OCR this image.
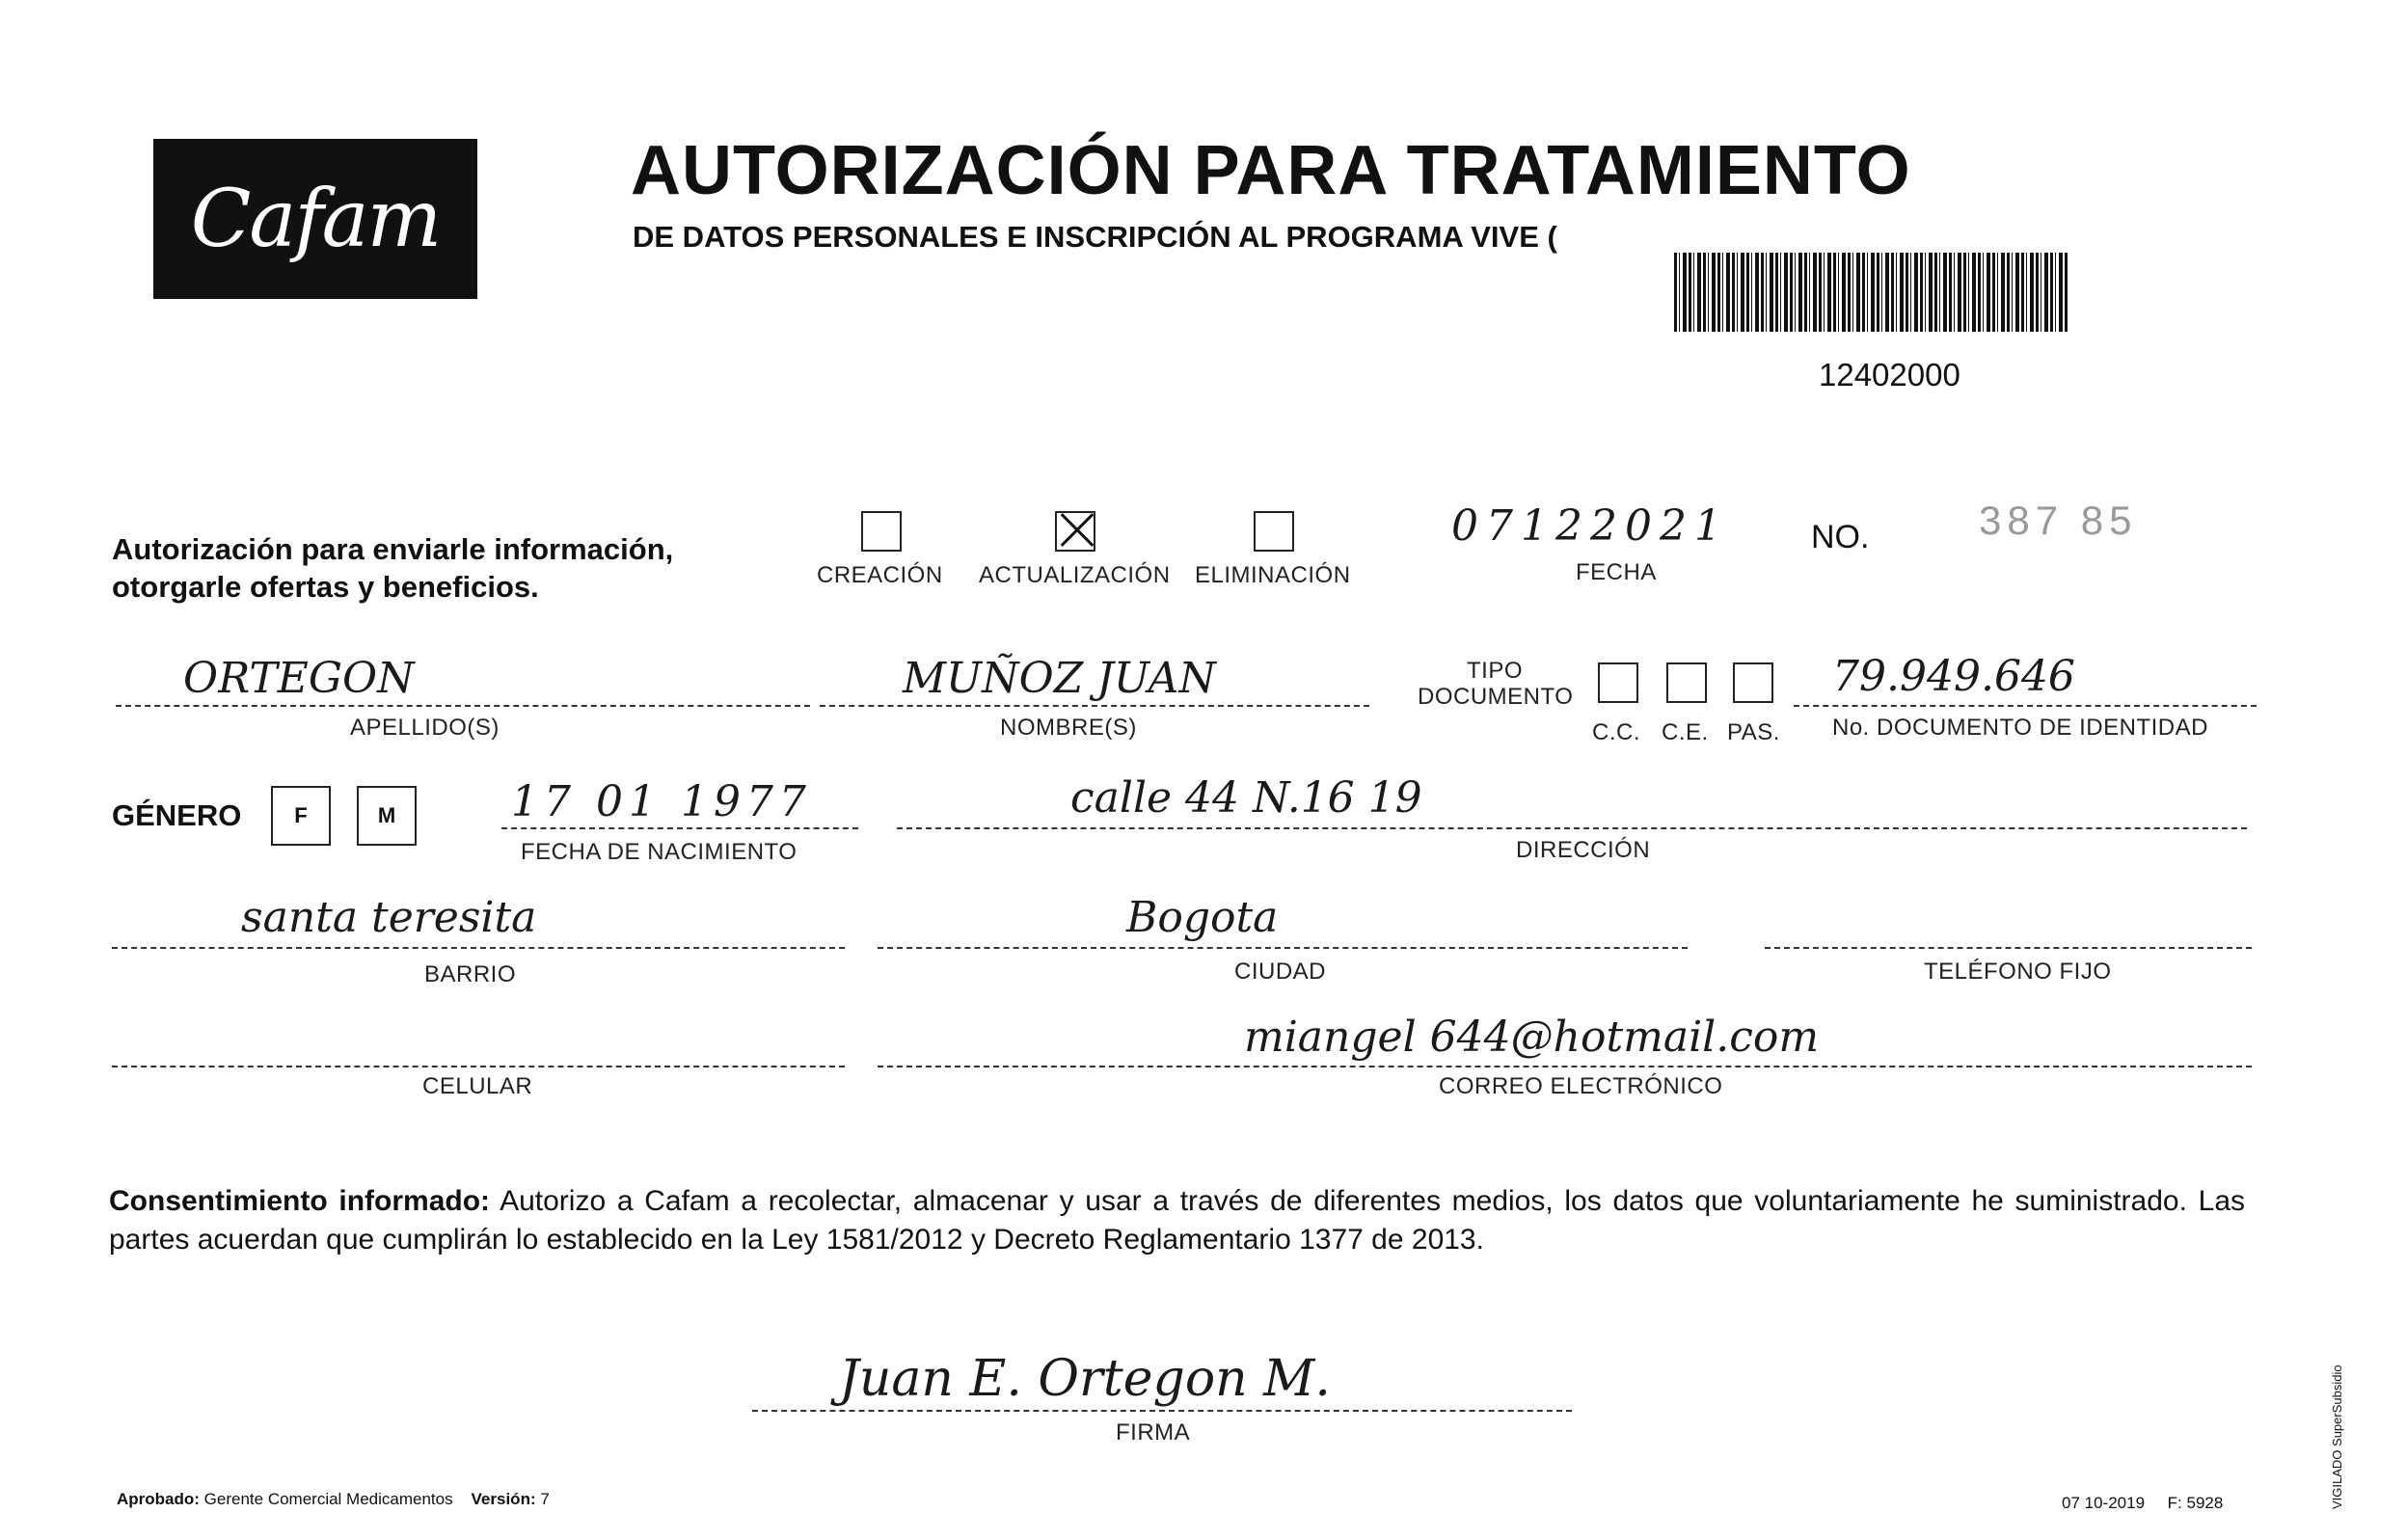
Cafam
AUTORIZACIÓN PARA TRATAMIENTO
DE DATOS PERSONALES E INSCRIPCIÓN AL PROGRAMA VIVE (
12402000
Autorización para enviarle información, otorgarle ofertas y beneficios.	CREACIÓN ACTUALIZACIÓN ELIMINACIÓN
07122021
FECHA
NO.	387 85
ORTEGON
APELLIDO(S)
MUÑOZ JUAN
NOMBRE(S)
TIPO DOCUMENTO
C.C. C.E. PAS.
79.949.646
No. DOCUMENTO DE IDENTIDAD
GÉNERO	F	M	17 01 1977
FECHA DE NACIMIENTO
calle 44 N.16 19
DIRECCIÓN
santa teresita
BARRIO
Bogota
CIUDAD	TELÉFONO FIJO
CELULAR
miangel 644@hotmail.com
CORREO ELECTRÓNICO
Consentimiento informado: Autorizo a Cafam a recolectar, almacenar y usar a través de diferentes medios, los datos que voluntariamente he suministrado. Las partes acuerdan que cumplirán lo establecido en la Ley 1581/2012 y Decreto Reglamentario 1377 de 2013.
Juan E. Ortegon M.
FIRMA
Aprobado: Gerente Comercial Medicamentos Versión: 7	07 10-2019 F: 5928	VIGILADO SuperSubsidio
